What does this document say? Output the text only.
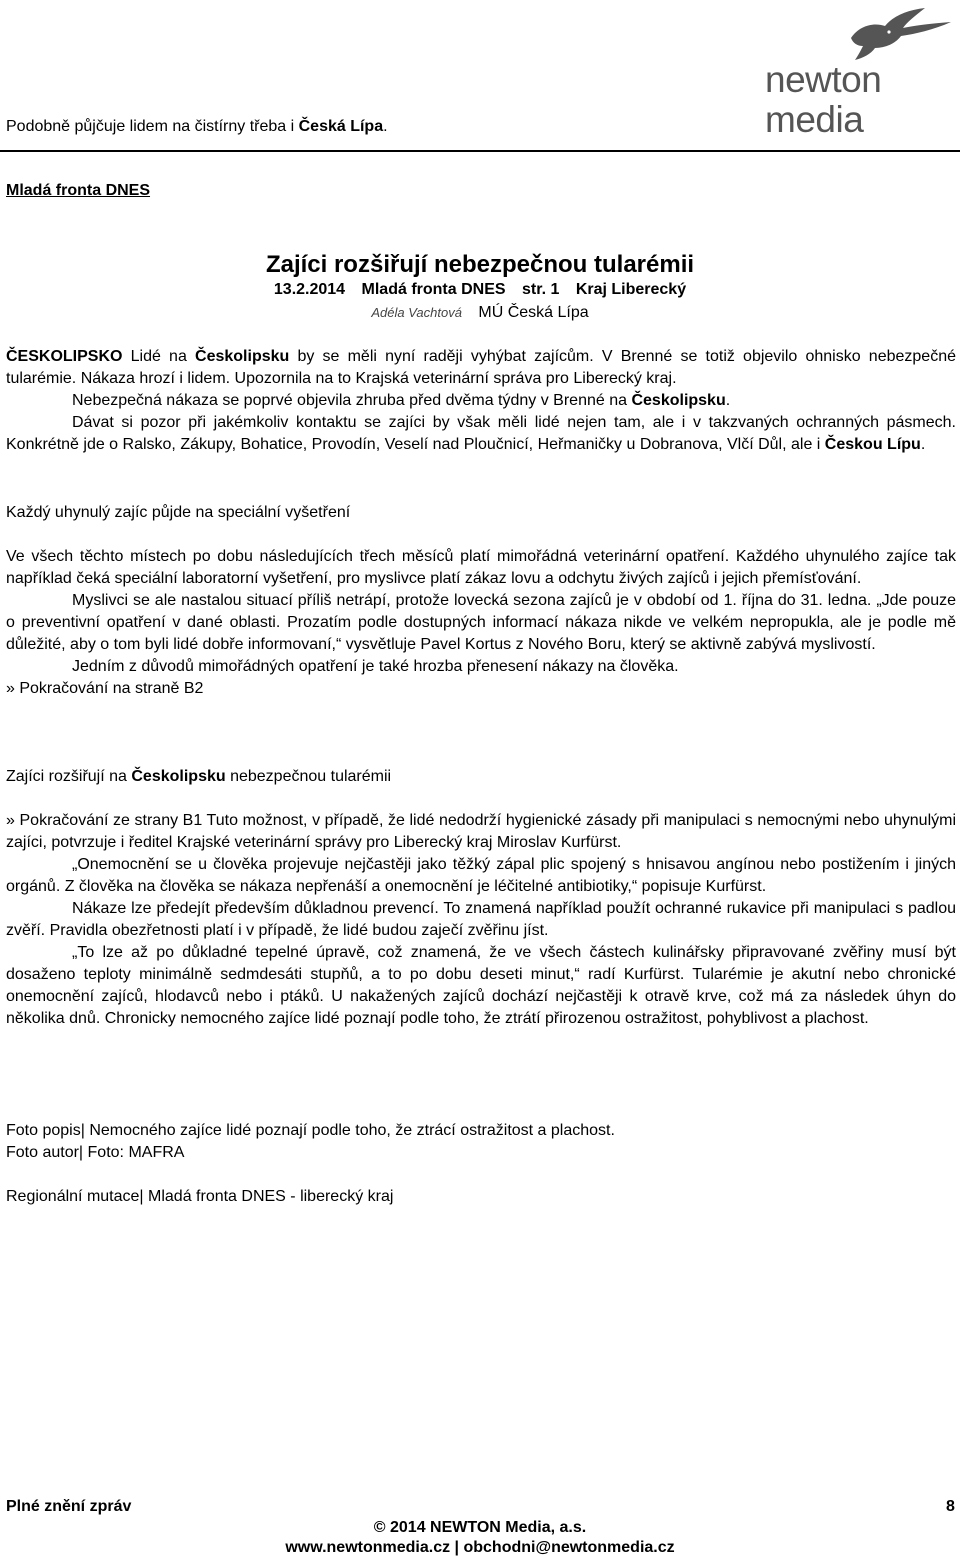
newton media
Podobně půjčuje lidem na čistírny třeba i Česká Lípa.
Mladá fronta DNES
Zajíci rozšiřují nebezpečnou tularémii
13.2.2014 Mladá fronta DNES str. 1 Kraj Liberecký
Adéla Vachtová MÚ Česká Lípa

ČESKOLIPSKO Lidé na Českolipsku by se měli nyní raději vyhýbat zajícům. V Brenné se totiž objevilo ohnisko nebezpečné tularémie. Nákaza hrozí i lidem. Upozornila na to Krajská veterinární správa pro Liberecký kraj.

Nebezpečná nákaza se poprvé objevila zhruba před dvěma týdny v Brenné na Českolipsku.

Dávat si pozor při jakémkoliv kontaktu se zajíci by však měli lidé nejen tam, ale i v takzvaných ochranných pásmech. Konkrétně jde o Ralsko, Zákupy, Bohatice, Provodín, Veselí nad Ploučnicí, Heřmaničky u Dobranova, Vlčí Důl, ale i Českou Lípu.

Každý uhynulý zajíc půjde na speciální vyšetření

Ve všech těchto místech po dobu následujících třech měsíců platí mimořádná veterinární opatření. Každého uhynulého zajíce tak například čeká speciální laboratorní vyšetření, pro myslivce platí zákaz lovu a odchytu živých zajíců i jejich přemísťování.

Myslivci se ale nastalou situací příliš netrápí, protože lovecká sezona zajíců je v období od 1. října do 31. ledna. „Jde pouze o preventivní opatření v dané oblasti. Prozatím podle dostupných informací nákaza nikde ve velkém nepropukla, ale je podle mě důležité, aby o tom byli lidé dobře informovaní,“ vysvětluje Pavel Kortus z Nového Boru, který se aktivně zabývá myslivostí.

Jedním z důvodů mimořádných opatření je také hrozba přenesení nákazy na člověka.

» Pokračování na straně B2

Zajíci rozšiřují na Českolipsku nebezpečnou tularémii

» Pokračování ze strany B1 Tuto možnost, v případě, že lidé nedodrží hygienické zásady při manipulaci s nemocnými nebo uhynulými zajíci, potvrzuje i ředitel Krajské veterinární správy pro Liberecký kraj Miroslav Kurfürst.

„Onemocnění se u člověka projevuje nejčastěji jako těžký zápal plic spojený s hnisavou angínou nebo postižením i jiných orgánů. Z člověka na člověka se nákaza nepřenáší a onemocnění je léčitelné antibiotiky,“ popisuje Kurfürst.

Nákaze lze předejít především důkladnou prevencí. To znamená například použít ochranné rukavice při manipulaci s padlou zvěří. Pravidla obezřetnosti platí i v případě, že lidé budou zaječí zvěřinu jíst.

„To lze až po důkladné tepelné úpravě, což znamená, že ve všech částech kulinářsky připravované zvěřiny musí být dosaženo teploty minimálně sedmdesáti stupňů, a to po dobu deseti minut,“ radí Kurfürst. Tularémie je akutní nebo chronické onemocnění zajíců, hlodavců nebo i ptáků. U nakažených zajíců dochází nejčastěji k otravě krve, což má za následek úhyn do několika dnů. Chronicky nemocného zajíce lidé poznají podle toho, že ztrátí přirozenou ostražitost, pohyblivost a plachost.

Foto popis| Nemocného zajíce lidé poznají podle toho, že ztrácí ostražitost a plachost.
Foto autor| Foto: MAFRA
Regionální mutace| Mladá fronta DNES - liberecký kraj
Plné znění zpráv	8
© 2014 NEWTON Media, a.s.
www.newtonmedia.cz | obchodni@newtonmedia.cz
